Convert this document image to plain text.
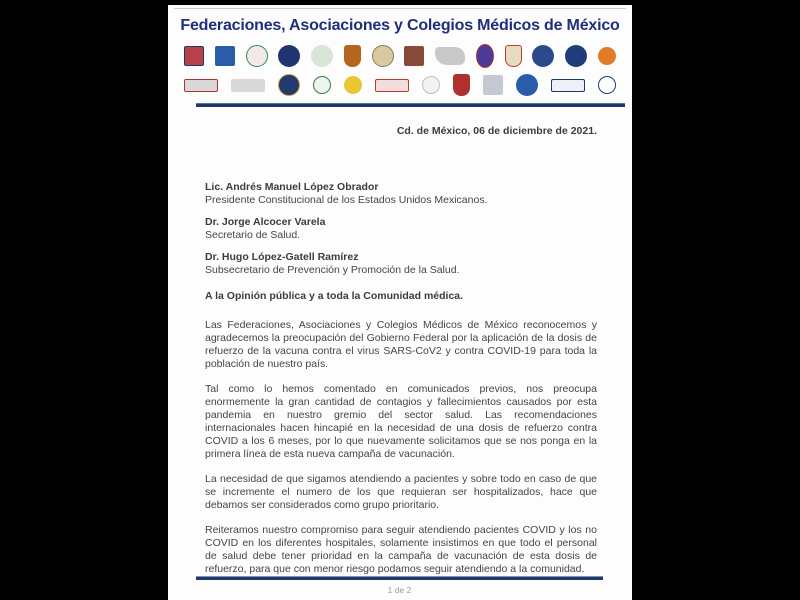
Federaciones, Asociaciones y Colegios Médicos de México
Cd. de México, 06 de diciembre de 2021.
Lic. Andrés Manuel López Obrador
Presidente Constitucional de los Estados Unidos Mexicanos.
Dr. Jorge Alcocer Varela
Secretario de Salud.
Dr. Hugo López-Gatell Ramírez
Subsecretario de Prevención y Promoción de la Salud.
A la Opinión pública y a toda la Comunidad médica.

Las Federaciones, Asociaciones y Colegios Médicos de México reconocemos y agradecemos la preocupación del Gobierno Federal por la aplicación de la dosis de refuerzo de la vacuna contra el virus SARS-CoV2 y contra COVID-19 para toda la población de nuestro país.

Tal como lo hemos comentado en comunicados previos, nos preocupa enormemente la gran cantidad de contagios y fallecimientos causados por esta pandemia en nuestro gremio del sector salud. Las recomendaciones internacionales hacen hincapié en la necesidad de una dosis de refuerzo contra COVID a los 6 meses, por lo que nuevamente solicitamos que se nos ponga en la primera línea de esta nueva campaña de vacunación.

La necesidad de que sigamos atendiendo a pacientes y sobre todo en caso de que se incremente el numero de los que requieran ser hospitalizados, hace que debamos ser considerados como grupo prioritario.

Reiteramos nuestro compromiso para seguir atendiendo pacientes COVID y los no COVID en los diferentes hospitales, solamente insistimos en que todo el personal de salud debe tener prioridad en la campaña de vacunación de esta dosis de refuerzo, para que con menor riesgo podamos seguir atendiendo a la comunidad.

1 de 2
